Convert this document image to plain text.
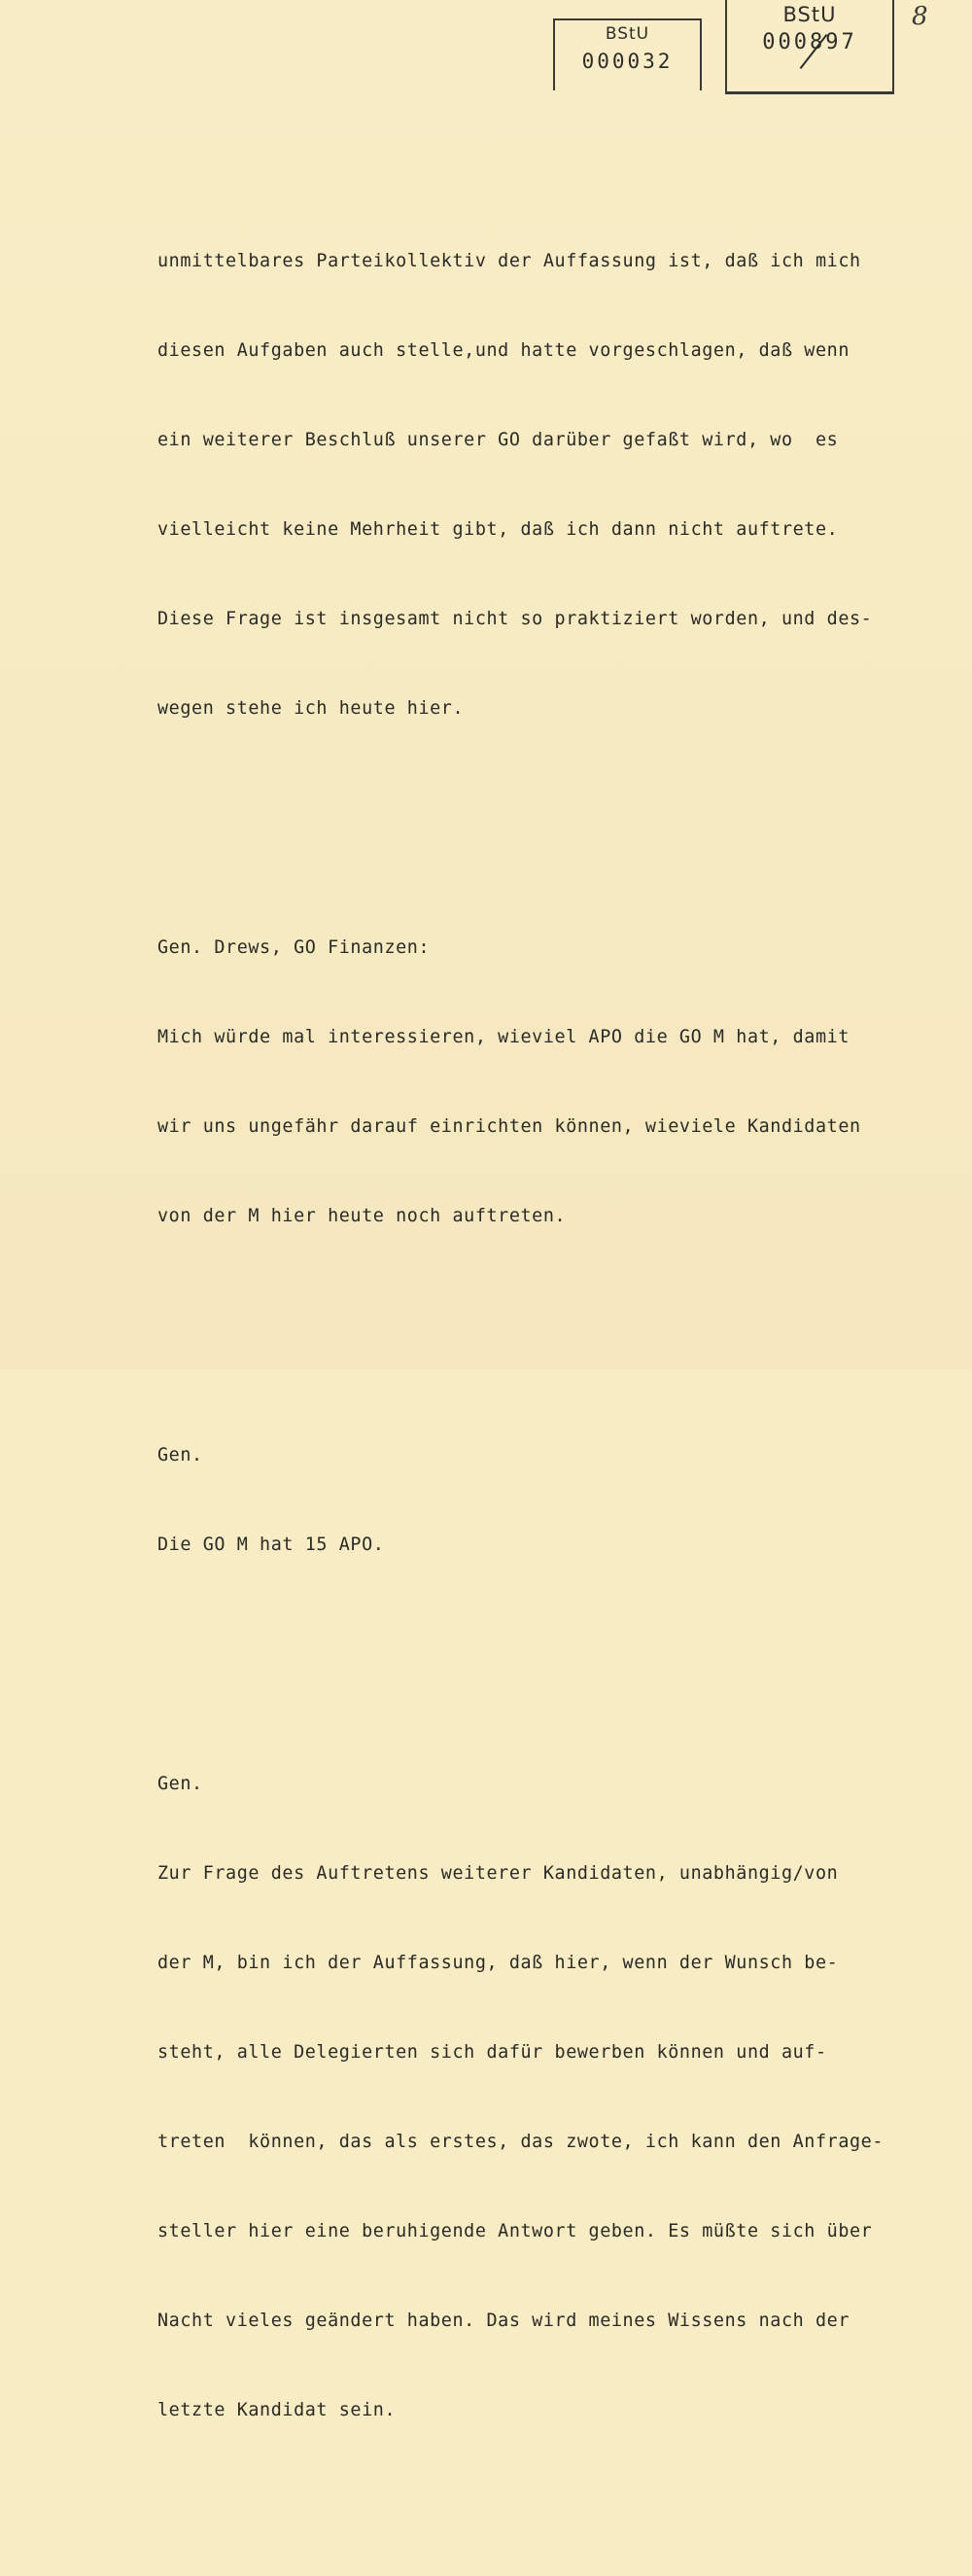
BStU
000032
BStU
000897
8

unmittelbares Parteikollektiv der Auffassung ist, daß ich mich

diesen Aufgaben auch stelle,und hatte vorgeschlagen, daß wenn

ein weiterer Beschluß unserer GO darüber gefaßt wird, wo  es

vielleicht keine Mehrheit gibt, daß ich dann nicht auftrete.

Diese Frage ist insgesamt nicht so praktiziert worden, und des-

wegen stehe ich heute hier.

Gen. Drews, GO Finanzen:

Mich würde mal interessieren, wieviel APO die GO M hat, damit

wir uns ungefähr darauf einrichten können, wieviele Kandidaten

von der M hier heute noch auftreten.

Gen.

Die GO M hat 15 APO.

Gen.

Zur Frage des Auftretens weiterer Kandidaten, unabhängig/von

der M, bin ich der Auffassung, daß hier, wenn der Wunsch be-

steht, alle Delegierten sich dafür bewerben können und auf-

treten  können, das als erstes, das zwote, ich kann den Anfrage-

steller hier eine beruhigende Antwort geben. Es müßte sich über

Nacht vieles geändert haben. Das wird meines Wissens nach der

letzte Kandidat sein.
